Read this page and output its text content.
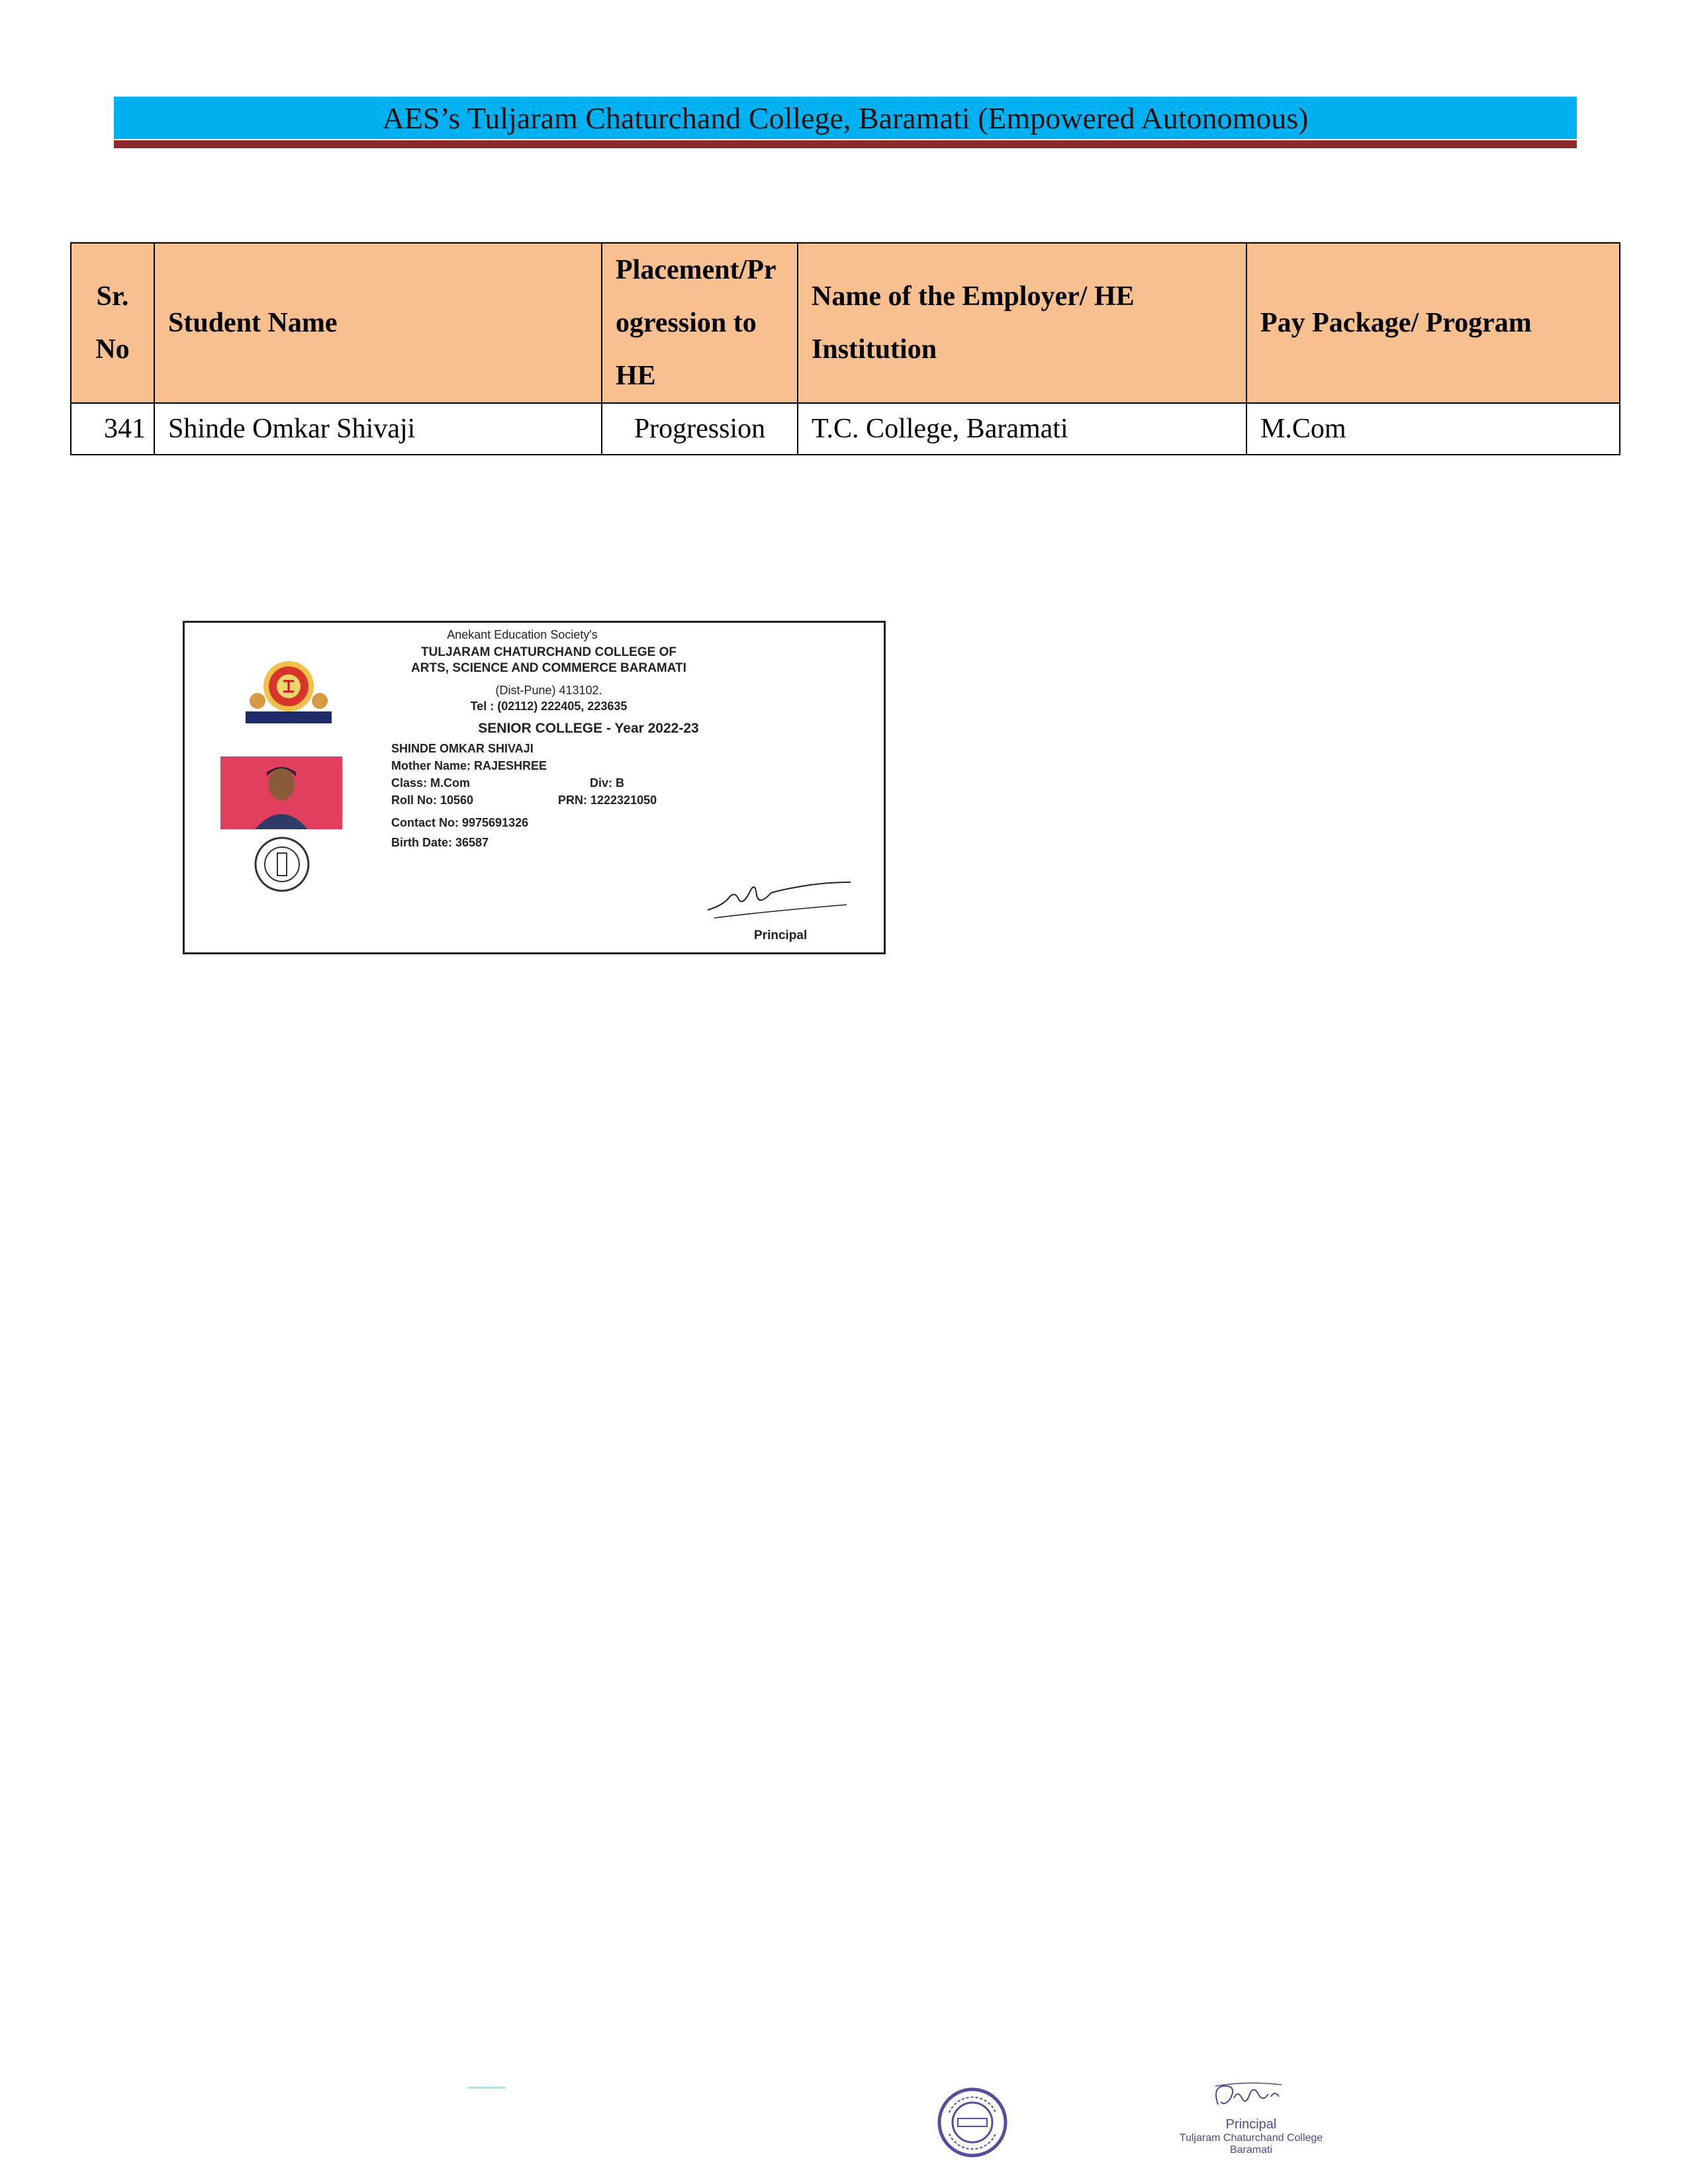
AES’s Tuljaram Chaturchand College, Baramati (Empowered Autonomous)
Sr. No	Student Name	Placement/Progression to HE	Name of the Employer/ HE Institution	Pay Package/ Program
341	Shinde Omkar Shivaji	Progression	T.C. College, Baramati	M.Com
Anekant Education Society's
TULJARAM CHATURCHAND COLLEGE OF
ARTS, SCIENCE AND COMMERCE BARAMATI
(Dist-Pune) 413102.
Tel : (02112) 222405, 223635
SENIOR COLLEGE - Year 2022-23
SHINDE OMKAR SHIVAJI
Mother Name: RAJESHREE
Class: M.Com	Div: B
Roll No: 10560	PRN: 1222321050
Contact No: 9975691326
Birth Date: 36587
Principal
Principal
Tuljaram Chaturchand College
Baramati
